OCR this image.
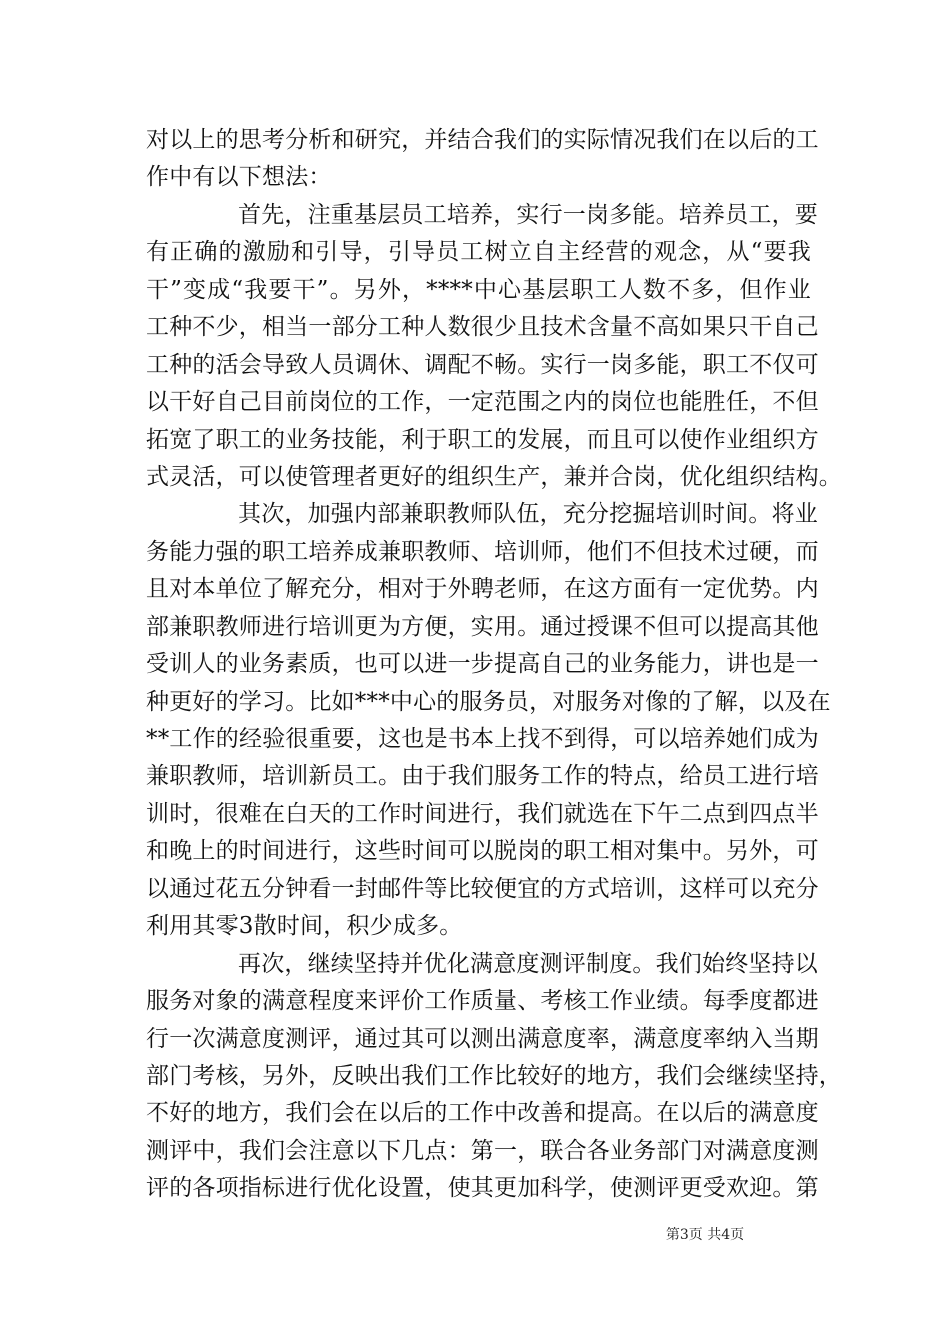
对以上的思考分析和研究，并结合我们的实际情况我们在以后的工
作中有以下想法：
首先，注重基层员工培养，实行一岗多能。培养员工，要
有正确的激励和引导，引导员工树立自主经营的观念，从“要我
干”变成“我要干”。另外，****中心基层职工人数不多，但作业
工种不少，相当一部分工种人数很少且技术含量不高如果只干自己
工种的活会导致人员调休、调配不畅。实行一岗多能，职工不仅可
以干好自己目前岗位的工作，一定范围之内的岗位也能胜任，不但
拓宽了职工的业务技能，利于职工的发展，而且可以使作业组织方
式灵活，可以使管理者更好的组织生产，兼并合岗，优化组织结构。
其次，加强内部兼职教师队伍，充分挖掘培训时间。将业
务能力强的职工培养成兼职教师、培训师，他们不但技术过硬，而
且对本单位了解充分，相对于外聘老师，在这方面有一定优势。内
部兼职教师进行培训更为方便，实用。通过授课不但可以提高其他
受训人的业务素质，也可以进一步提高自己的业务能力，讲也是一
种更好的学习。比如***中心的服务员，对服务对像的了解，以及在
**工作的经验很重要，这也是书本上找不到得，可以培养她们成为
兼职教师，培训新员工。由于我们服务工作的特点，给员工进行培
训时，很难在白天的工作时间进行，我们就选在下午二点到四点半
和晚上的时间进行，这些时间可以脱岗的职工相对集中。另外，可
以通过花五分钟看一封邮件等比较便宜的方式培训，这样可以充分
利用其零3散时间，积少成多。
再次，继续坚持并优化满意度测评制度。我们始终坚持以
服务对象的满意程度来评价工作质量、考核工作业绩。每季度都进
行一次满意度测评，通过其可以测出满意度率，满意度率纳入当期
部门考核，另外，反映出我们工作比较好的地方，我们会继续坚持，
不好的地方，我们会在以后的工作中改善和提高。在以后的满意度
测评中，我们会注意以下几点：第一，联合各业务部门对满意度测
评的各项指标进行优化设置，使其更加科学，使测评更受欢迎。第
第3页 共4页
